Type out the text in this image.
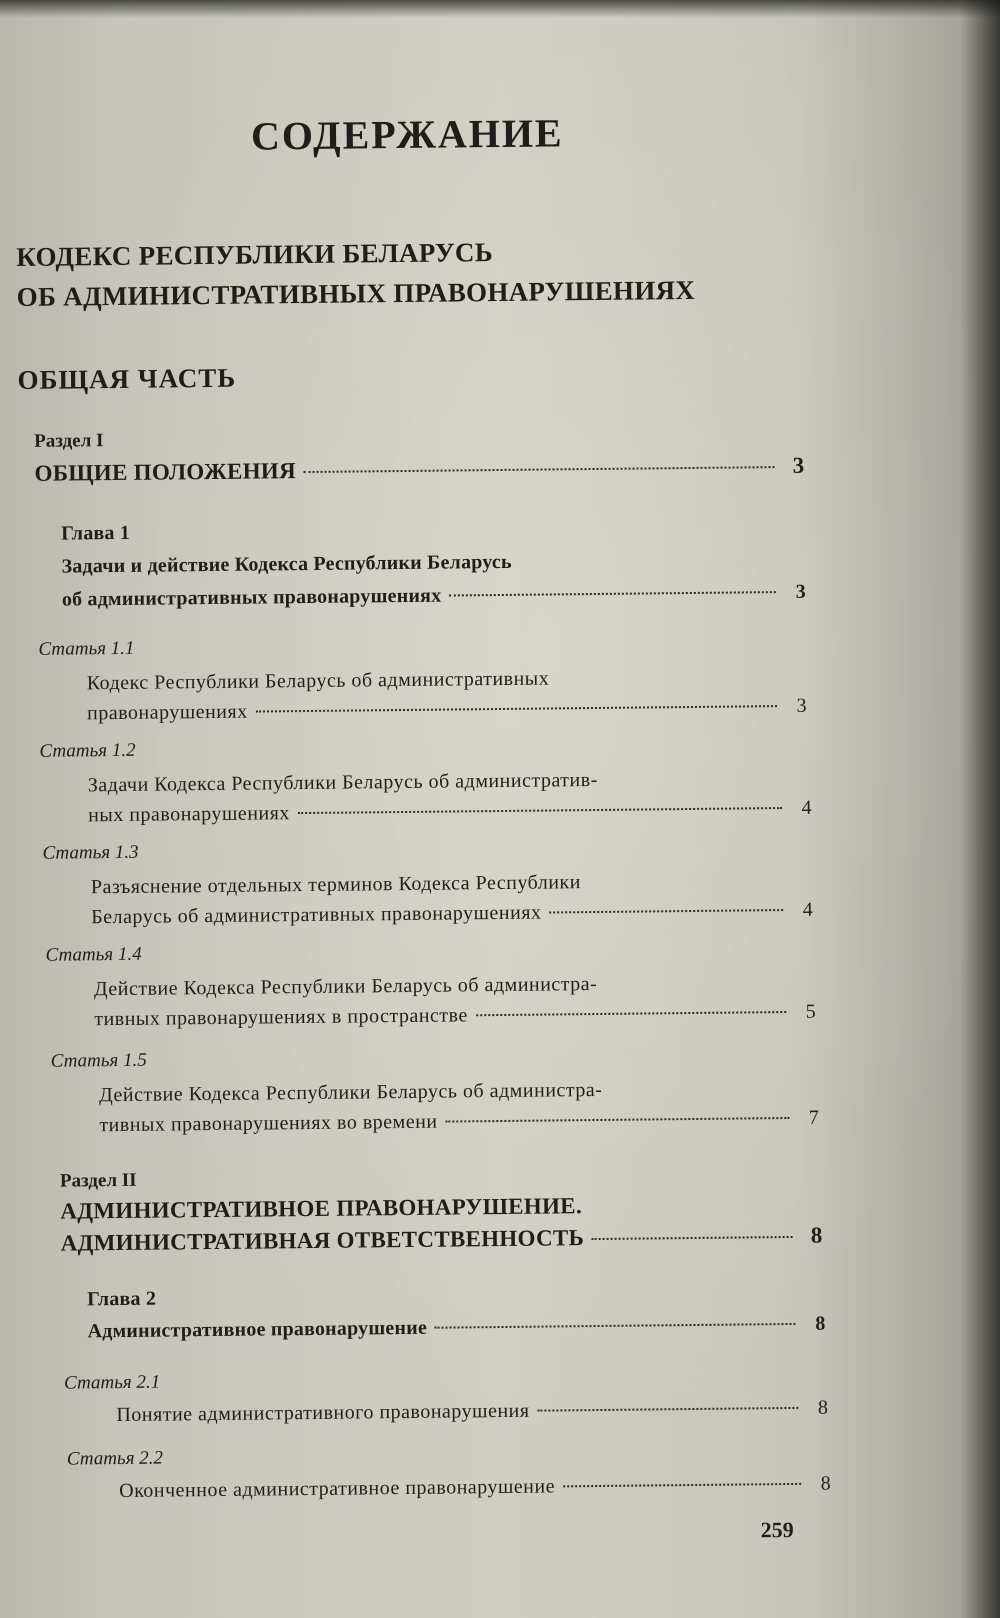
СОДЕРЖАНИЕ
КОДЕКС РЕСПУБЛИКИ БЕЛАРУСЬ
ОБ АДМИНИСТРАТИВНЫХ ПРАВОНАРУШЕНИЯХ
ОБЩАЯ ЧАСТЬ
Раздел I
ОБЩИЕ ПОЛОЖЕНИЯ	3
Глава 1
Задачи и действие Кодекса Республики Беларусь
об административных правонарушениях	3
Статья 1.1
Кодекс Республики Беларусь об административных
правонарушениях	3
Статья 1.2
Задачи Кодекса Республики Беларусь об административ-
ных правонарушениях	4
Статья 1.3
Разъяснение отдельных терминов Кодекса Республики
Беларусь об административных правонарушениях	4
Статья 1.4
Действие Кодекса Республики Беларусь об администра-
тивных правонарушениях в пространстве	5
Статья 1.5
Действие Кодекса Республики Беларусь об администра-
тивных правонарушениях во времени	7
Раздел II
АДМИНИСТРАТИВНОЕ ПРАВОНАРУШЕНИЕ.
АДМИНИСТРАТИВНАЯ ОТВЕТСТВЕННОСТЬ	8
Глава 2
Административное правонарушение	8
Статья 2.1
Понятие административного правонарушения	8
Статья 2.2
Оконченное административное правонарушение	8
259
